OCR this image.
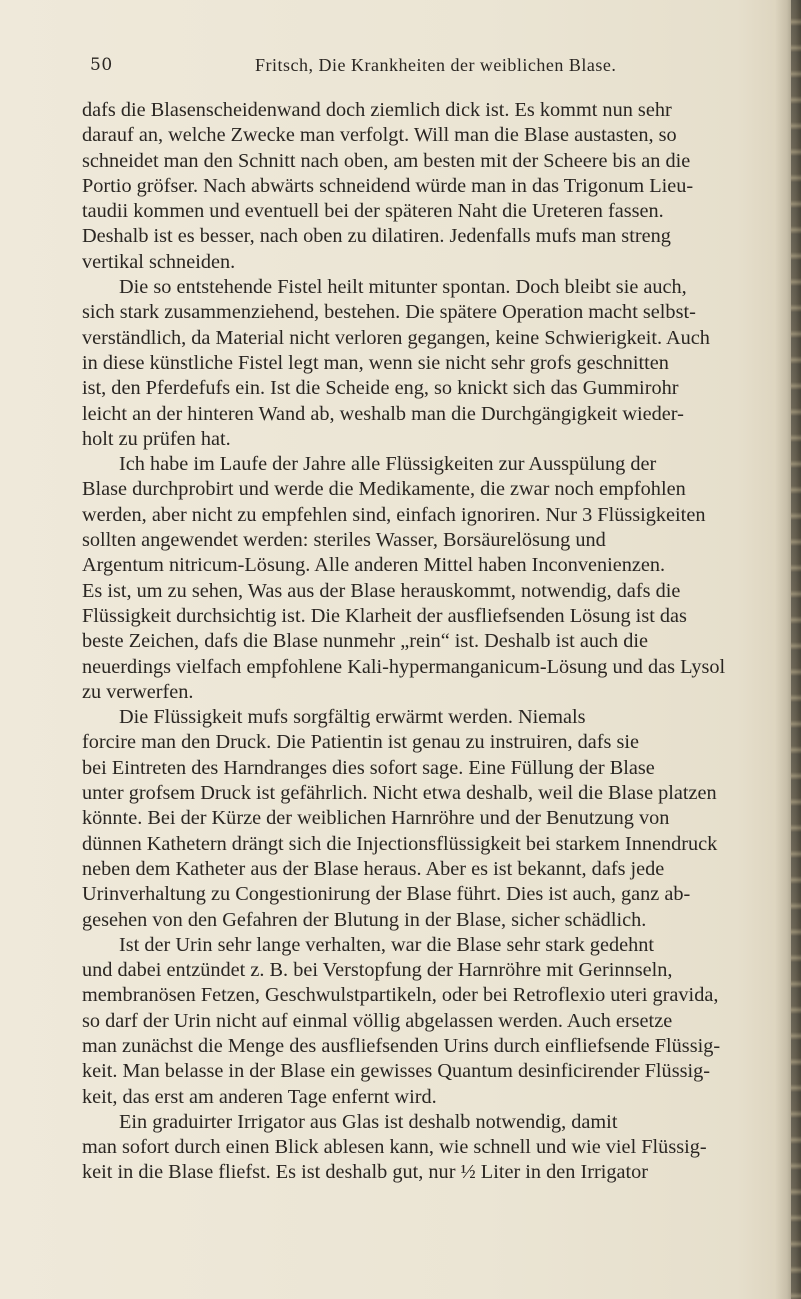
50	Fritsch, Die Krankheiten der weiblichen Blase.
dafs die Blasenscheidenwand doch ziemlich dick ist. Es kommt nun sehr
darauf an, welche Zwecke man verfolgt. Will man die Blase austasten, so
schneidet man den Schnitt nach oben, am besten mit der Scheere bis an die
Portio gröfser. Nach abwärts schneidend würde man in das Trigonum Lieu-
taudii kommen und eventuell bei der späteren Naht die Ureteren fassen.
Deshalb ist es besser, nach oben zu dilatiren. Jedenfalls mufs man streng
vertikal schneiden.
Die so entstehende Fistel heilt mitunter spontan. Doch bleibt sie auch,
sich stark zusammenziehend, bestehen. Die spätere Operation macht selbst-
verständlich, da Material nicht verloren gegangen, keine Schwierigkeit. Auch
in diese künstliche Fistel legt man, wenn sie nicht sehr grofs geschnitten
ist, den Pferdefufs ein. Ist die Scheide eng, so knickt sich das Gummirohr
leicht an der hinteren Wand ab, weshalb man die Durchgängigkeit wieder-
holt zu prüfen hat.
Ich habe im Laufe der Jahre alle Flüssigkeiten zur Ausspülung der
Blase durchprobirt und werde die Medikamente, die zwar noch empfohlen
werden, aber nicht zu empfehlen sind, einfach ignoriren. Nur 3 Flüssigkeiten
sollten angewendet werden: steriles Wasser, Borsäurelösung und
Argentum nitricum-Lösung. Alle anderen Mittel haben Inconvenienzen.
Es ist, um zu sehen, Was aus der Blase herauskommt, notwendig, dafs die
Flüssigkeit durchsichtig ist. Die Klarheit der ausfliefsenden Lösung ist das
beste Zeichen, dafs die Blase nunmehr „rein“ ist. Deshalb ist auch die
neuerdings vielfach empfohlene Kali-hypermanganicum-Lösung und das Lysol
zu verwerfen.
Die Flüssigkeit mufs sorgfältig erwärmt werden. Niemals
forcire man den Druck. Die Patientin ist genau zu instruiren, dafs sie
bei Eintreten des Harndranges dies sofort sage. Eine Füllung der Blase
unter grofsem Druck ist gefährlich. Nicht etwa deshalb, weil die Blase platzen
könnte. Bei der Kürze der weiblichen Harnröhre und der Benutzung von
dünnen Kathetern drängt sich die Injectionsflüssigkeit bei starkem Innendruck
neben dem Katheter aus der Blase heraus. Aber es ist bekannt, dafs jede
Urinverhaltung zu Congestionirung der Blase führt. Dies ist auch, ganz ab-
gesehen von den Gefahren der Blutung in der Blase, sicher schädlich.
Ist der Urin sehr lange verhalten, war die Blase sehr stark gedehnt
und dabei entzündet z. B. bei Verstopfung der Harnröhre mit Gerinnseln,
membranösen Fetzen, Geschwulstpartikeln, oder bei Retroflexio uteri gravida,
so darf der Urin nicht auf einmal völlig abgelassen werden. Auch ersetze
man zunächst die Menge des ausfliefsenden Urins durch einfliefsende Flüssig-
keit. Man belasse in der Blase ein gewisses Quantum desinficirender Flüssig-
keit, das erst am anderen Tage enfernt wird.
Ein graduirter Irrigator aus Glas ist deshalb notwendig, damit
man sofort durch einen Blick ablesen kann, wie schnell und wie viel Flüssig-
keit in die Blase fliefst. Es ist deshalb gut, nur ½ Liter in den Irrigator
